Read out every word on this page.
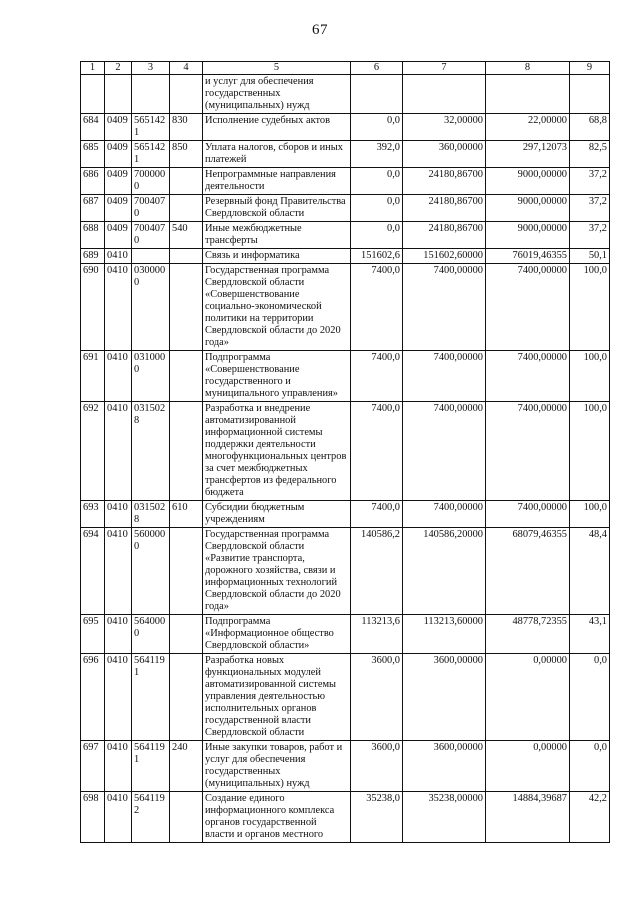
67
1	2	3	4	5	6	7	8	9
				и услуг для обеспечения государственных (муниципальных) нужд				
684	0409	5651421	830	Исполнение судебных актов	0,0	32,00000	22,00000	68,8
685	0409	5651421	850	Уплата налогов, сборов и иных платежей	392,0	360,00000	297,12073	82,5
686	0409	7000000		Непрограммные направления деятельности	0,0	24180,86700	9000,00000	37,2
687	0409	7004070		Резервный фонд Правительства Свердловской области	0,0	24180,86700	9000,00000	37,2
688	0409	7004070	540	Иные межбюджетные трансферты	0,0	24180,86700	9000,00000	37,2
689	0410			Связь и информатика	151602,6	151602,60000	76019,46355	50,1
690	0410	0300000		Государственная программа Свердловской области «Совершенствование социально-экономической политики на территории Свердловской области до 2020 года»	7400,0	7400,00000	7400,00000	100,0
691	0410	0310000		Подпрограмма «Совершенствование государственного и муниципального управления»	7400,0	7400,00000	7400,00000	100,0
692	0410	0315028		Разработка и внедрение автоматизированной информационной системы поддержки деятельности многофункциональных центров за счет межбюджетных трансфертов из федерального бюджета	7400,0	7400,00000	7400,00000	100,0
693	0410	0315028	610	Субсидии бюджетным учреждениям	7400,0	7400,00000	7400,00000	100,0
694	0410	5600000		Государственная программа Свердловской области «Развитие транспорта, дорожного хозяйства, связи и информационных технологий Свердловской области до 2020 года»	140586,2	140586,20000	68079,46355	48,4
695	0410	5640000		Подпрограмма «Информационное общество Свердловской области»	113213,6	113213,60000	48778,72355	43,1
696	0410	5641191		Разработка новых функциональных модулей автоматизированной системы управления деятельностью исполнительных органов государственной власти Свердловской области	3600,0	3600,00000	0,00000	0,0
697	0410	5641191	240	Иные закупки товаров, работ и услуг для обеспечения государственных (муниципальных) нужд	3600,0	3600,00000	0,00000	0,0
698	0410	5641192		Создание единого информационного комплекса органов государственной власти и органов местного	35238,0	35238,00000	14884,39687	42,2
